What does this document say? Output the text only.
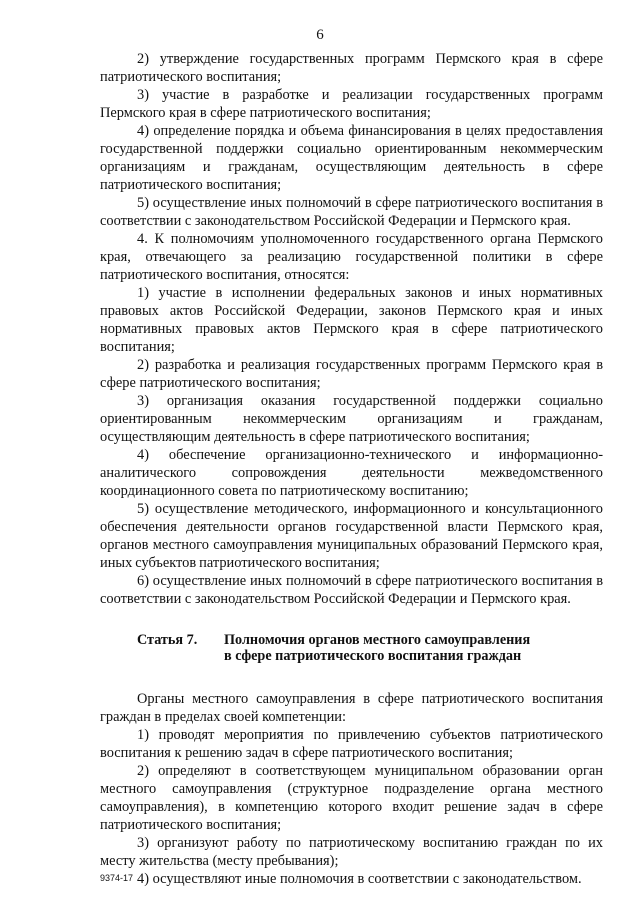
6

2) утверждение государственных программ Пермского края в сфере патриотического воспитания;

3) участие в разработке и реализации государственных программ Пермского края в сфере патриотического воспитания;

4) определение порядка и объема финансирования в целях предоставления государственной поддержки социально ориентированным некоммерческим организациям и гражданам, осуществляющим деятельность в сфере патриотического воспитания;

5) осуществление иных полномочий в сфере патриотического воспитания в соответствии с законодательством Российской Федерации и Пермского края.

4. К полномочиям уполномоченного государственного органа Пермского края, отвечающего за реализацию государственной политики в сфере патриотического воспитания, относятся:

1) участие в исполнении федеральных законов и иных нормативных правовых актов Российской Федерации, законов Пермского края и иных нормативных правовых актов Пермского края в сфере патриотического воспитания;

2) разработка и реализация государственных программ Пермского края в сфере патриотического воспитания;

3) организация оказания государственной поддержки социально ориентированным некоммерческим организациям и гражданам, осуществляющим деятельность в сфере патриотического воспитания;

4) обеспечение организационно-технического и информационно-аналитического сопровождения деятельности межведомственного координационного совета по патриотическому воспитанию;

5) осуществление методического, информационного и консультационного обеспечения деятельности органов государственной власти Пермского края, органов местного самоуправления муниципальных образований Пермского края, иных субъектов патриотического воспитания;

6) осуществление иных полномочий в сфере патриотического воспитания в соответствии с законодательством Российской Федерации и Пермского края.

Статья 7.	Полномочия органов местного самоуправления
в сфере патриотического воспитания граждан

Органы местного самоуправления в сфере патриотического воспитания граждан в пределах своей компетенции:

1) проводят мероприятия по привлечению субъектов патриотического воспитания к решению задач в сфере патриотического воспитания;

2) определяют в соответствующем муниципальном образовании орган местного самоуправления (структурное подразделение органа местного самоуправления), в компетенцию которого входит решение задач в сфере патриотического воспитания;

3) организуют работу по патриотическому воспитанию граждан по их месту жительства (месту пребывания);

4) осуществляют иные полномочия в соответствии с законодательством.

9374-17
